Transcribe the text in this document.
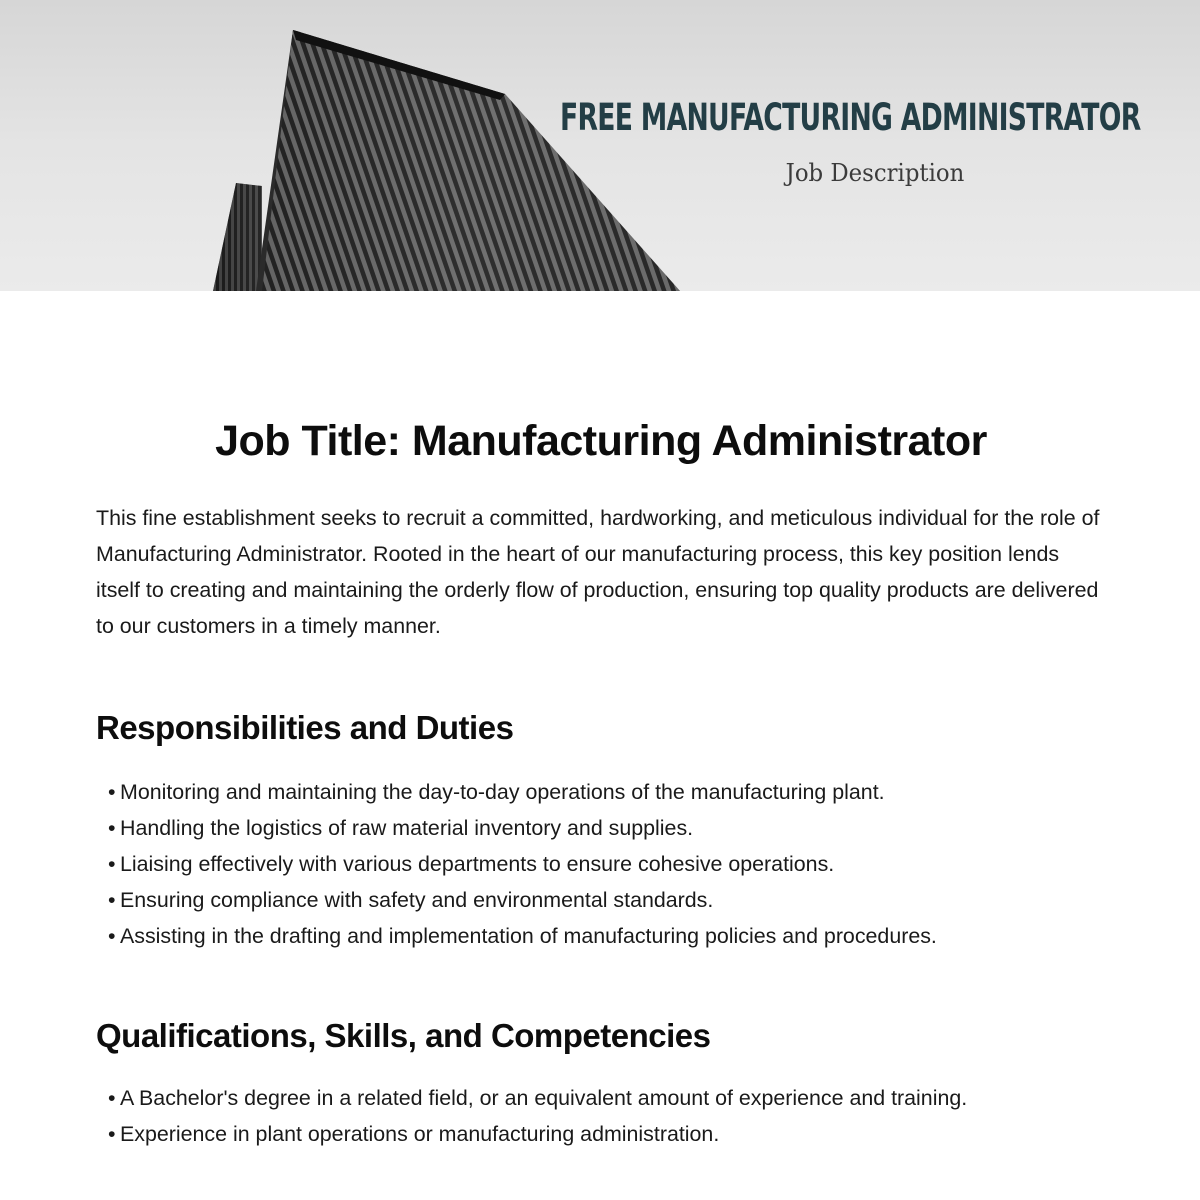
FREE MANUFACTURING ADMINISTRATOR
Job Description
Job Title: Manufacturing Administrator

This fine establishment seeks to recruit a committed, hardworking, and meticulous individual for the role of Manufacturing Administrator. Rooted in the heart of our manufacturing process, this key position lends itself to creating and maintaining the orderly flow of production, ensuring top quality products are delivered to our customers in a timely manner.

Responsibilities and Duties
• Monitoring and maintaining the day-to-day operations of the manufacturing plant.
• Handling the logistics of raw material inventory and supplies.
• Liaising effectively with various departments to ensure cohesive operations.
• Ensuring compliance with safety and environmental standards.
• Assisting in the drafting and implementation of manufacturing policies and procedures.
Qualifications, Skills, and Competencies
• A Bachelor's degree in a related field, or an equivalent amount of experience and training.
• Experience in plant operations or manufacturing administration.
